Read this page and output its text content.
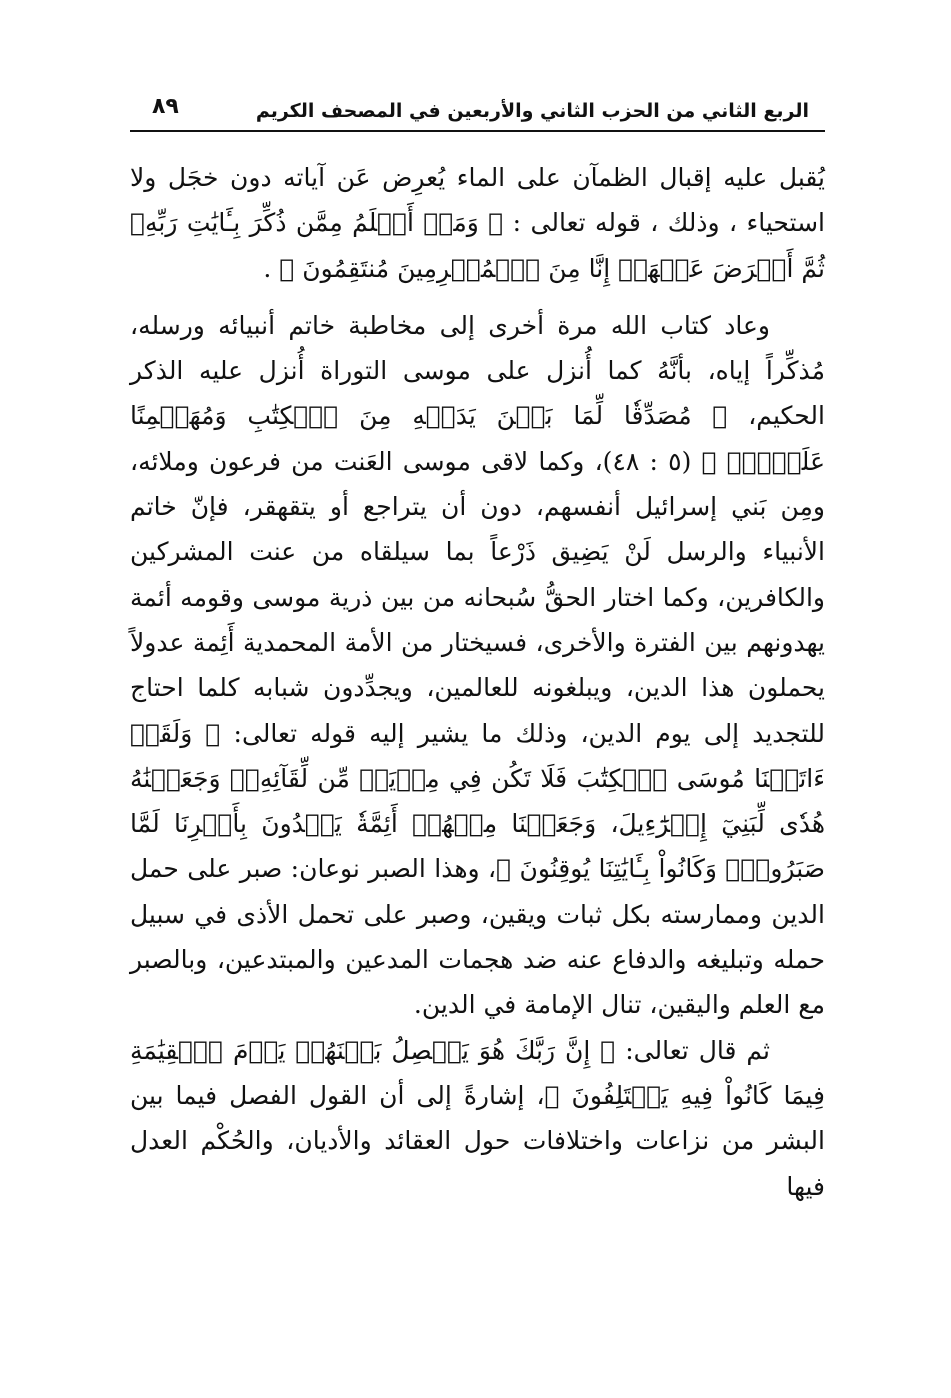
الربع الثاني من الحزب الثاني والأربعين في المصحف الكريم
٨٩

يُقبل عليه إقبال الظمآن على الماء يُعرِض عَن آياته دون خجَل ولا استحياء ، وذلك ، قوله تعالى : ﴿ وَمَنۡ أَظۡلَمُ مِمَّن ذُكِّرَ بِـَٔايَٰتِ رَبِّهِۦ ثُمَّ أَعۡرَضَ عَنۡهَآۚ إِنَّا مِنَ ٱلۡمُجۡرِمِينَ مُنتَقِمُونَ ﴾ .

وعاد كتاب الله مرة أخرى إلى مخاطبة خاتم أنبيائه ورسله، مُذكِّراً إياه، بأنَّهُ كما أُنزل على موسى التوراة أُنزل عليه الذكر الحكيم، ﴿ مُصَدِّقٗا لِّمَا بَيۡنَ يَدَيۡهِ مِنَ ٱلۡكِتَٰبِ وَمُهَيۡمِنًا عَلَيۡهِۖ ﴾ (٥ : ٤٨)، وكما لاقى موسى العَنت من فرعون وملائه، ومِن بَني إسرائيل أنفسهم، دون أن يتراجع أو يتقهقر، فإنّ خاتم الأنبياء والرسل لَنْ يَضِيق ذَرْعاً بما سيلقاه من عنت المشركين والكافرين، وكما اختار الحقُّ سُبحانه من بين ذرية موسى وقومه أئمة يهدونهم بين الفترة والأخرى، فسيختار من الأمة المحمدية أَئِمة عدولاً يحملون هذا الدين، ويبلغونه للعالمين، ويجدِّدون شبابه كلما احتاج للتجديد إلى يوم الدين، وذلك ما يشير إليه قوله تعالى: ﴿ وَلَقَدۡ ءَاتَيۡنَا مُوسَى ٱلۡكِتَٰبَ فَلَا تَكُن فِي مِرۡيَةٖ مِّن لِّقَآئِهِۦۖ وَجَعَلۡنَٰهُ هُدٗى لِّبَنِيٓ إِسۡرَٰٓءِيلَ، وَجَعَلۡنَا مِنۡهُمۡ أَئِمَّةٗ يَهۡدُونَ بِأَمۡرِنَا لَمَّا صَبَرُواْۖ وَكَانُواْ بِـَٔايَٰتِنَا يُوقِنُونَ ﴾، وهذا الصبر نوعان: صبر على حمل الدين وممارسته بكل ثبات ويقين، وصبر على تحمل الأذى في سبيل حمله وتبليغه والدفاع عنه ضد هجمات المدعين والمبتدعين، وبالصبر مع العلم واليقين، تنال الإمامة في الدين.

ثم قال تعالى: ﴿ إِنَّ رَبَّكَ هُوَ يَفۡصِلُ بَيۡنَهُمۡ يَوۡمَ ٱلۡقِيَٰمَةِ فِيمَا كَانُواْ فِيهِ يَخۡتَلِفُونَ ﴾، إشارةً إلى أن القول الفصل فيما بين البشر من نزاعات واختلافات حول العقائد والأديان، والحُكْم العدل فيها
